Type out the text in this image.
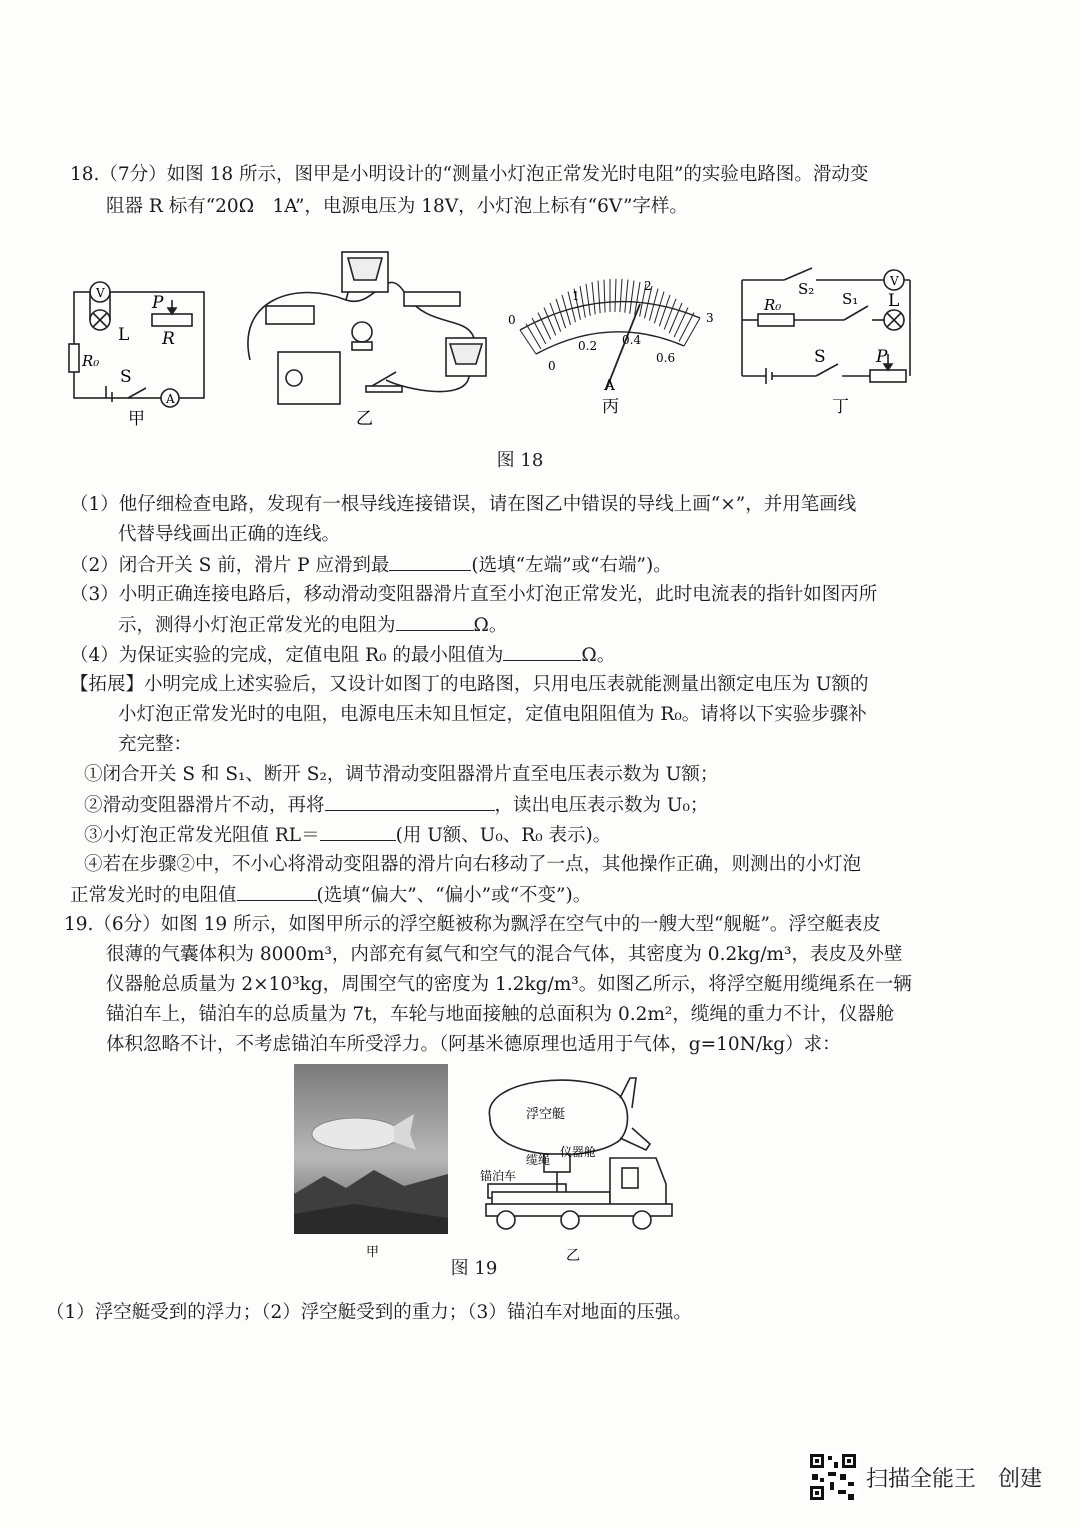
18.（7分）如图 18 所示，图甲是小明设计的“测量小灯泡正常发光时电阻”的实验电路图。滑动变
阻器 R 标有“20Ω　1A”，电源电压为 18V，小灯泡上标有“6V”字样。
V
L
P
R
R₀
S
A
甲	乙
0
1
2
3
0
0.2 0.4
0.6
A
丙
V
R₀
S₂
S₁ L
S	P
丁
图 18
（1）他仔细检查电路，发现有一根导线连接错误，请在图乙中错误的导线上画“×”，并用笔画线
代替导线画出正确的连线。
（2）闭合开关 S 前，滑片 P 应滑到最	(选填“左端”或“右端”)。
（3）小明正确连接电路后，移动滑动变阻器滑片直至小灯泡正常发光，此时电流表的指针如图丙所
示，测得小灯泡正常发光的电阻为	Ω。
（4）为保证实验的完成，定值电阻 R₀ 的最小阻值为	Ω。
【拓展】小明完成上述实验后，又设计如图丁的电路图，只用电压表就能测量出额定电压为 U额的
小灯泡正常发光时的电阻，电源电压未知且恒定，定值电阻阻值为 R₀。请将以下实验步骤补
充完整：
①闭合开关 S 和 S₁、断开 S₂，调节滑动变阻器滑片直至电压表示数为 U额；
②滑动变阻器滑片不动，再将	，读出电压表示数为 U₀；
③小灯泡正常发光阻值 RL＝	(用 U额、U₀、R₀ 表示)。
④若在步骤②中，不小心将滑动变阻器的滑片向右移动了一点，其他操作正确，则测出的小灯泡
正常发光时的电阻值	(选填“偏大”、“偏小”或“不变”)。
19.（6分）如图 19 所示，如图甲所示的浮空艇被称为飘浮在空气中的一艘大型“舰艇”。浮空艇表皮
很薄的气囊体积为 8000m³，内部充有氦气和空气的混合气体，其密度为 0.2kg/m³，表皮及外壁
仪器舱总质量为 2×10³kg，周围空气的密度为 1.2kg/m³。如图乙所示，将浮空艇用缆绳系在一辆
锚泊车上，锚泊车的总质量为 7t，车轮与地面接触的总面积为 0.2m²，缆绳的重力不计，仪器舱
体积忽略不计，不考虑锚泊车所受浮力。（阿基米德原理也适用于气体，g=10N/kg）求：
甲
浮空艇
缆绳
仪器舱
锚泊车
乙
图 19
（1）浮空艇受到的浮力；（2）浮空艇受到的重力；（3）锚泊车对地面的压强。
扫描全能王　创建
